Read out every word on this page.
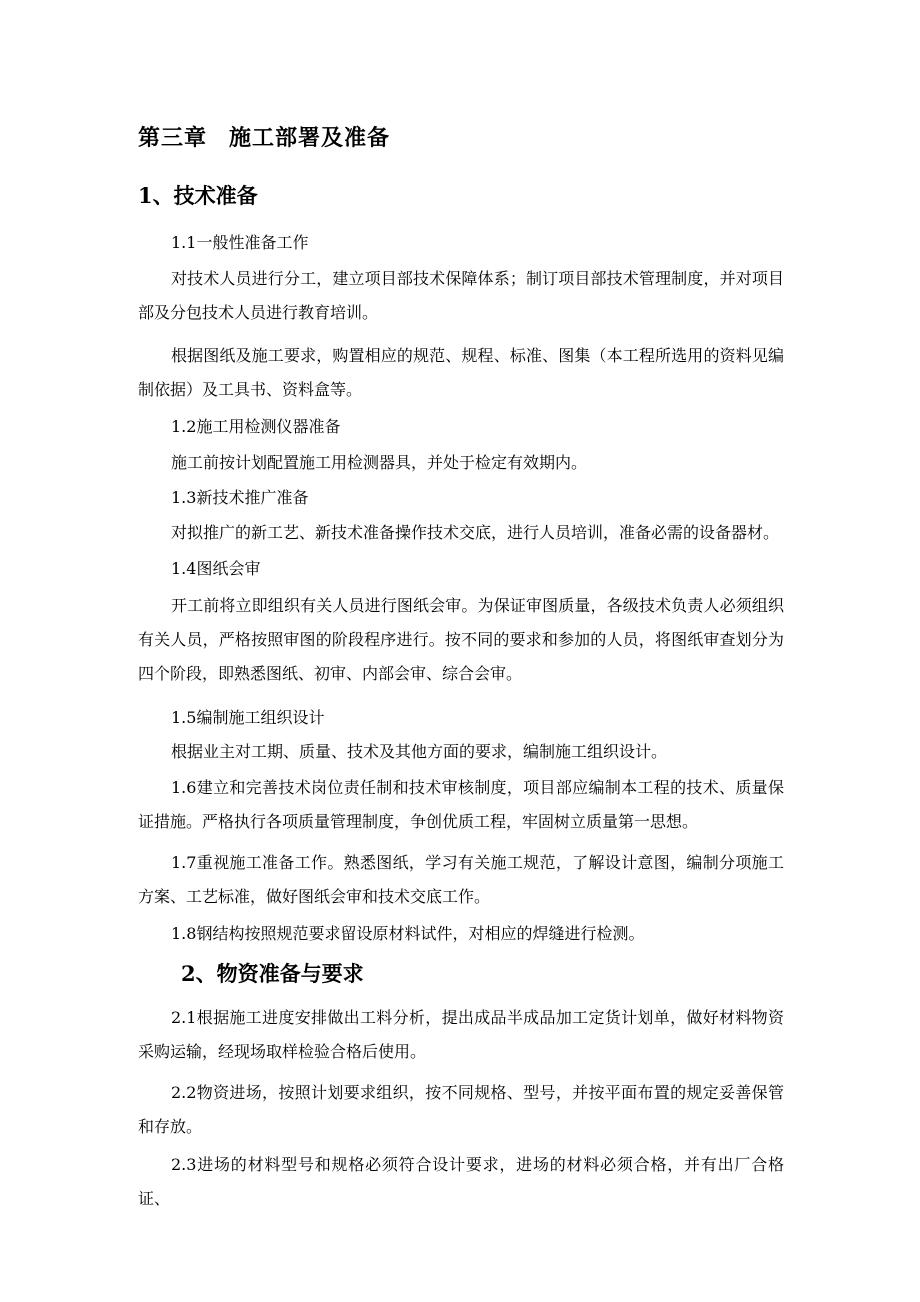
第三章 施工部署及准备
1、技术准备
1.1一般性准备工作
对技术人员进行分工，建立项目部技术保障体系；制订项目部技术管理制度，并对项目部及分包技术人员进行教育培训。
根据图纸及施工要求，购置相应的规范、规程、标准、图集（本工程所选用的资料见编制依据）及工具书、资料盒等。
1.2施工用检测仪器准备
施工前按计划配置施工用检测器具，并处于检定有效期内。
1.3新技术推广准备
对拟推广的新工艺、新技术准备操作技术交底，进行人员培训，准备必需的设备器材。
1.4图纸会审
开工前将立即组织有关人员进行图纸会审。为保证审图质量，各级技术负责人必须组织有关人员，严格按照审图的阶段程序进行。按不同的要求和参加的人员，将图纸审查划分为四个阶段，即熟悉图纸、初审、内部会审、综合会审。
1.5编制施工组织设计
根据业主对工期、质量、技术及其他方面的要求，编制施工组织设计。
1.6建立和完善技术岗位责任制和技术审核制度，项目部应编制本工程的技术、质量保证措施。严格执行各项质量管理制度，争创优质工程，牢固树立质量第一思想。
1.7重视施工准备工作。熟悉图纸，学习有关施工规范，了解设计意图，编制分项施工方案、工艺标准，做好图纸会审和技术交底工作。
1.8钢结构按照规范要求留设原材料试件，对相应的焊缝进行检测。
2、物资准备与要求
2.1根据施工进度安排做出工料分析，提出成品半成品加工定货计划单，做好材料物资采购运输，经现场取样检验合格后使用。
2.2物资进场，按照计划要求组织，按不同规格、型号，并按平面布置的规定妥善保管和存放。
2.3进场的材料型号和规格必须符合设计要求，进场的材料必须合格，并有出厂合格证、
